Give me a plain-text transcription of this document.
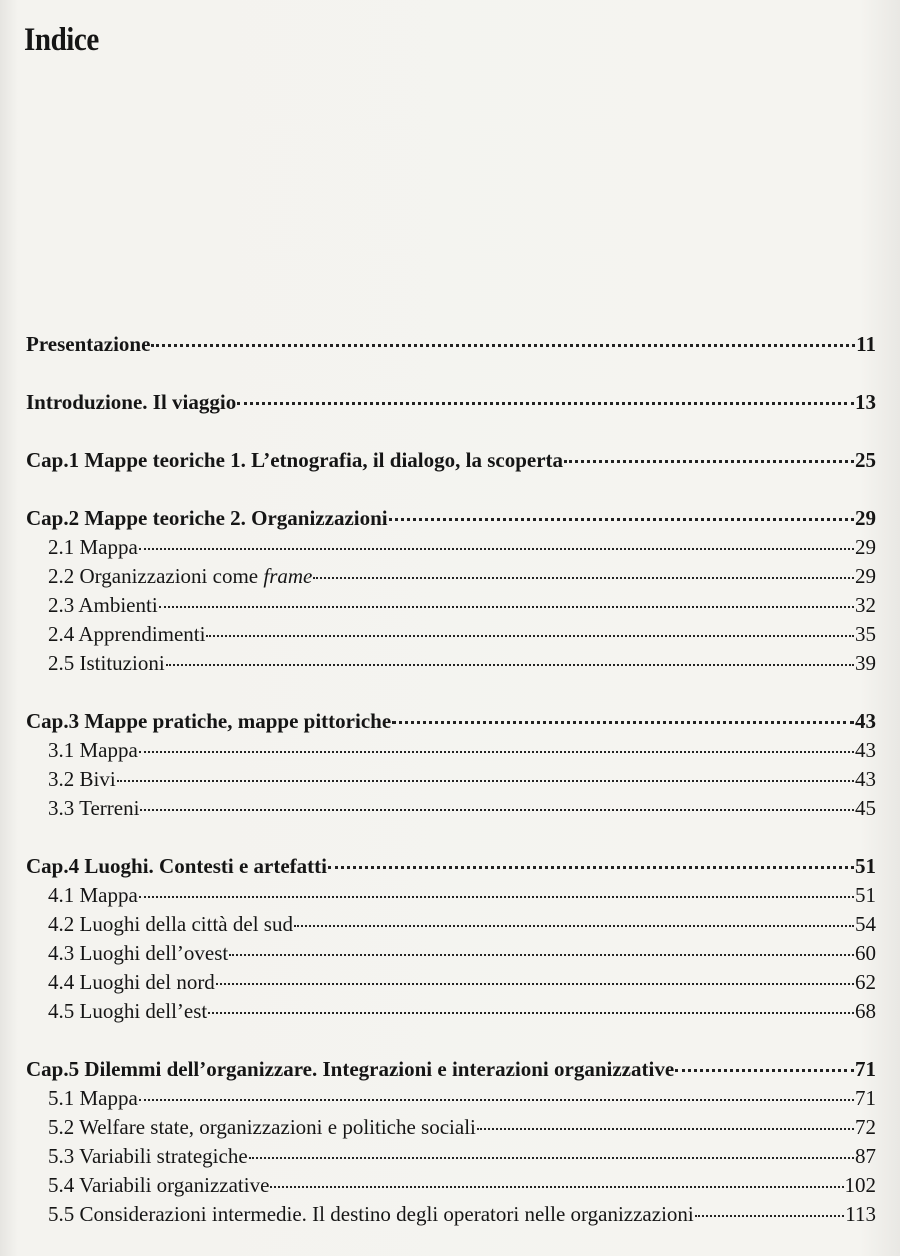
Indice
Presentazione	11
Introduzione. Il viaggio	13
Cap.1 Mappe teoriche 1. L’etnografia, il dialogo, la scoperta	25
Cap.2 Mappe teoriche 2. Organizzazioni	29
2.1 Mappa	29
2.2 Organizzazioni come frame	29
2.3 Ambienti	32
2.4 Apprendimenti	35
2.5 Istituzioni	39
Cap.3 Mappe pratiche, mappe pittoriche	43
3.1 Mappa	43
3.2 Bivi	43
3.3 Terreni	45
Cap.4 Luoghi. Contesti e artefatti	51
4.1 Mappa	51
4.2 Luoghi della città del sud	54
4.3 Luoghi dell’ovest	60
4.4 Luoghi del nord	62
4.5 Luoghi dell’est	68
Cap.5 Dilemmi dell’organizzare. Integrazioni e interazioni organizzative	71
5.1 Mappa	71
5.2 Welfare state, organizzazioni e politiche sociali	72
5.3 Variabili strategiche	87
5.4 Variabili organizzative	102
5.5 Considerazioni intermedie. Il destino degli operatori nelle organizzazioni	113
